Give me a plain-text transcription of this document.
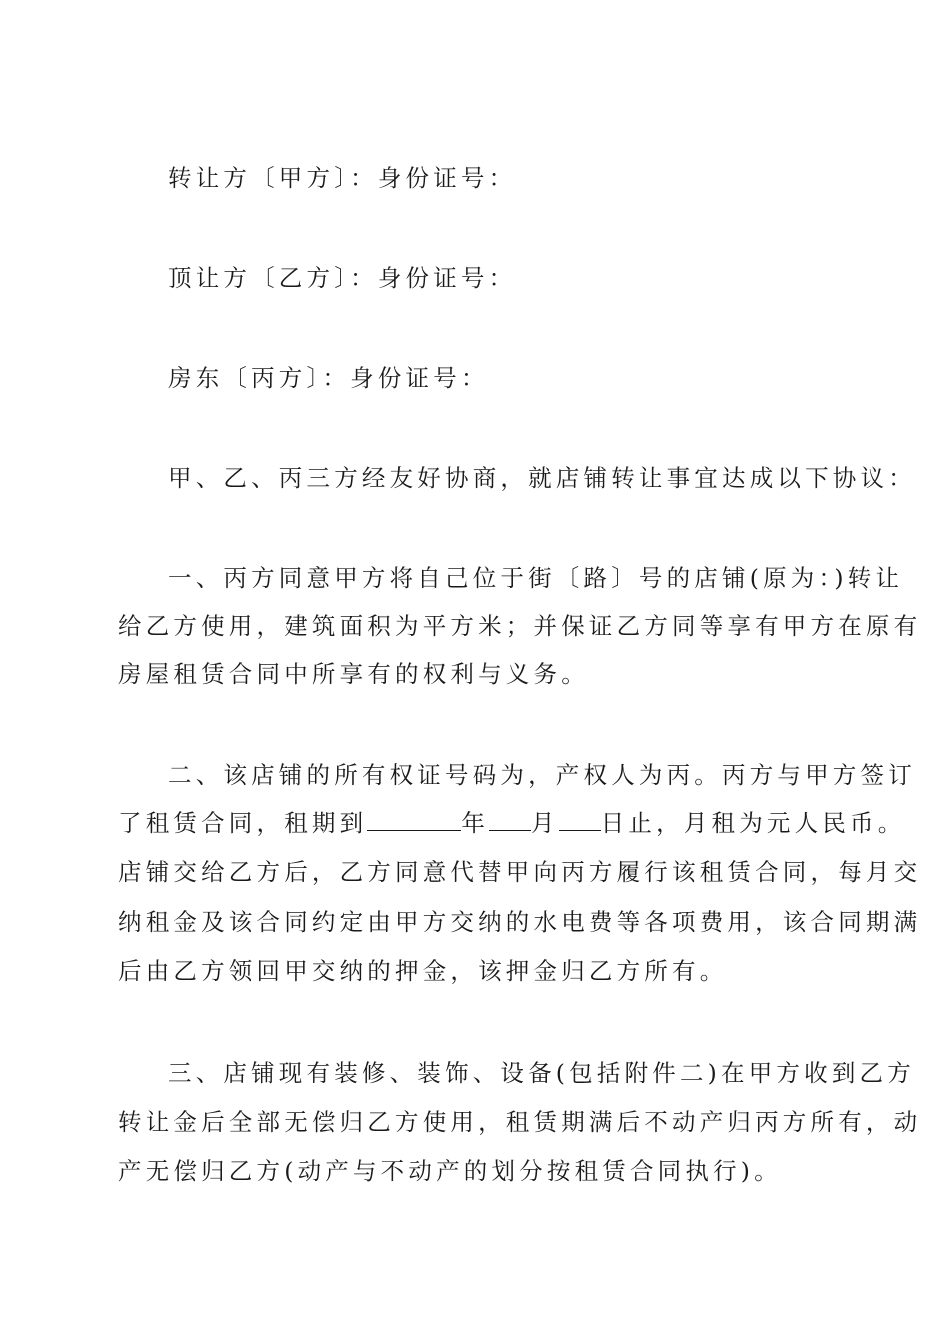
转让方〔甲方〕：身份证号：
顶让方〔乙方〕：身份证号：
房东〔丙方〕：身份证号：
甲、乙、丙三方经友好协商，就店铺转让事宜达成以下协议：
一、丙方同意甲方将自己位于街〔路〕号的店铺(原为：)转让
给乙方使用，建筑面积为平方米；并保证乙方同等享有甲方在原有
房屋租赁合同中所享有的权利与义务。
二、该店铺的所有权证号码为，产权人为丙。丙方与甲方签订
了租赁合同，租期到	年 月 日止，月租为元人民币。
店铺交给乙方后，乙方同意代替甲向丙方履行该租赁合同，每月交
纳租金及该合同约定由甲方交纳的水电费等各项费用，该合同期满
后由乙方领回甲交纳的押金，该押金归乙方所有。
三、店铺现有装修、装饰、设备(包括附件二)在甲方收到乙方
转让金后全部无偿归乙方使用，租赁期满后不动产归丙方所有，动
产无偿归乙方(动产与不动产的划分按租赁合同执行)。
